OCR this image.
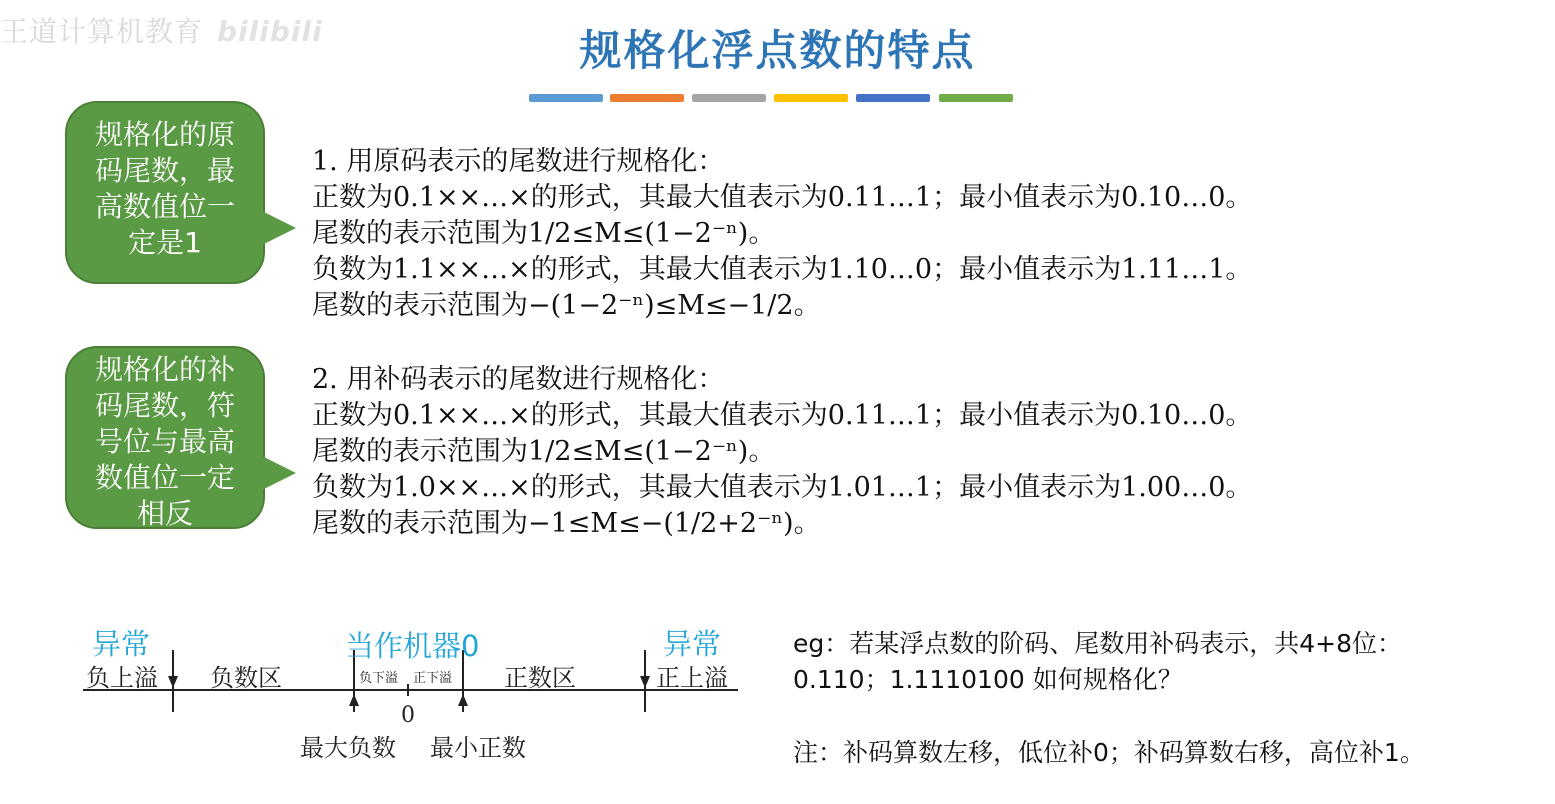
王道计算机教育 bilibili	规格化浮点数的特点
规格化的原
码尾数，最
高数值位一
定是1
规格化的补
码尾数，符
号位与最高
数值位一定
相反
1. 用原码表示的尾数进行规格化：
正数为0.1××…×的形式，其最大值表示为0.11…1；最小值表示为0.10…0。
尾数的表示范围为1/2≤M≤(1−2⁻ⁿ)。
负数为1.1××…×的形式，其最大值表示为1.10…0；最小值表示为1.11…1。
尾数的表示范围为−(1−2⁻ⁿ)≤M≤−1/2。
2. 用补码表示的尾数进行规格化：
正数为0.1××…×的形式，其最大值表示为0.11…1；最小值表示为0.10…0。
尾数的表示范围为1/2≤M≤(1−2⁻ⁿ)。
负数为1.0××…×的形式，其最大值表示为1.01…1；最小值表示为1.00…0。
尾数的表示范围为−1≤M≤−(1/2+2⁻ⁿ)。
异常	当作机器0	异常
负上溢 负数区	负下溢 正下溢 正数区	正上溢
0
最大负数 最小正数
eg：若某浮点数的阶码、尾数用补码表示，共4+8位：
0.110；1.1110100 如何规格化？
注：补码算数左移，低位补0；补码算数右移，高位补1。
